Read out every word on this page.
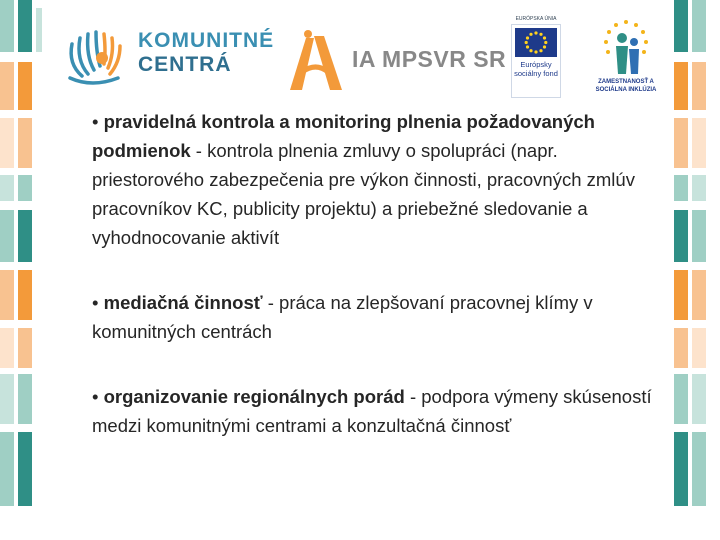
KOMUNITNÉ
CENTRÁ	IA MPSVR SR
EURÓPSKA ÚNIA
Európsky sociálny fond
ZAMESTNANOSŤ A SOCIÁLNA INKLÚZIA

• pravidelná kontrola a monitoring plnenia požadovaných podmienok - kontrola plnenia zmluvy o spolupráci (napr. priestorového zabezpečenia pre výkon činnosti, pracovných zmlúv pracovníkov KC, publicity projektu) a priebežné sledovanie a vyhodnocovanie aktivít

• mediačná činnosť - práca na zlepšovaní pracovnej klímy v komunitných centrách

• organizovanie regionálnych porád - podpora výmeny skúseností medzi komunitnými centrami a konzultačná činnosť
